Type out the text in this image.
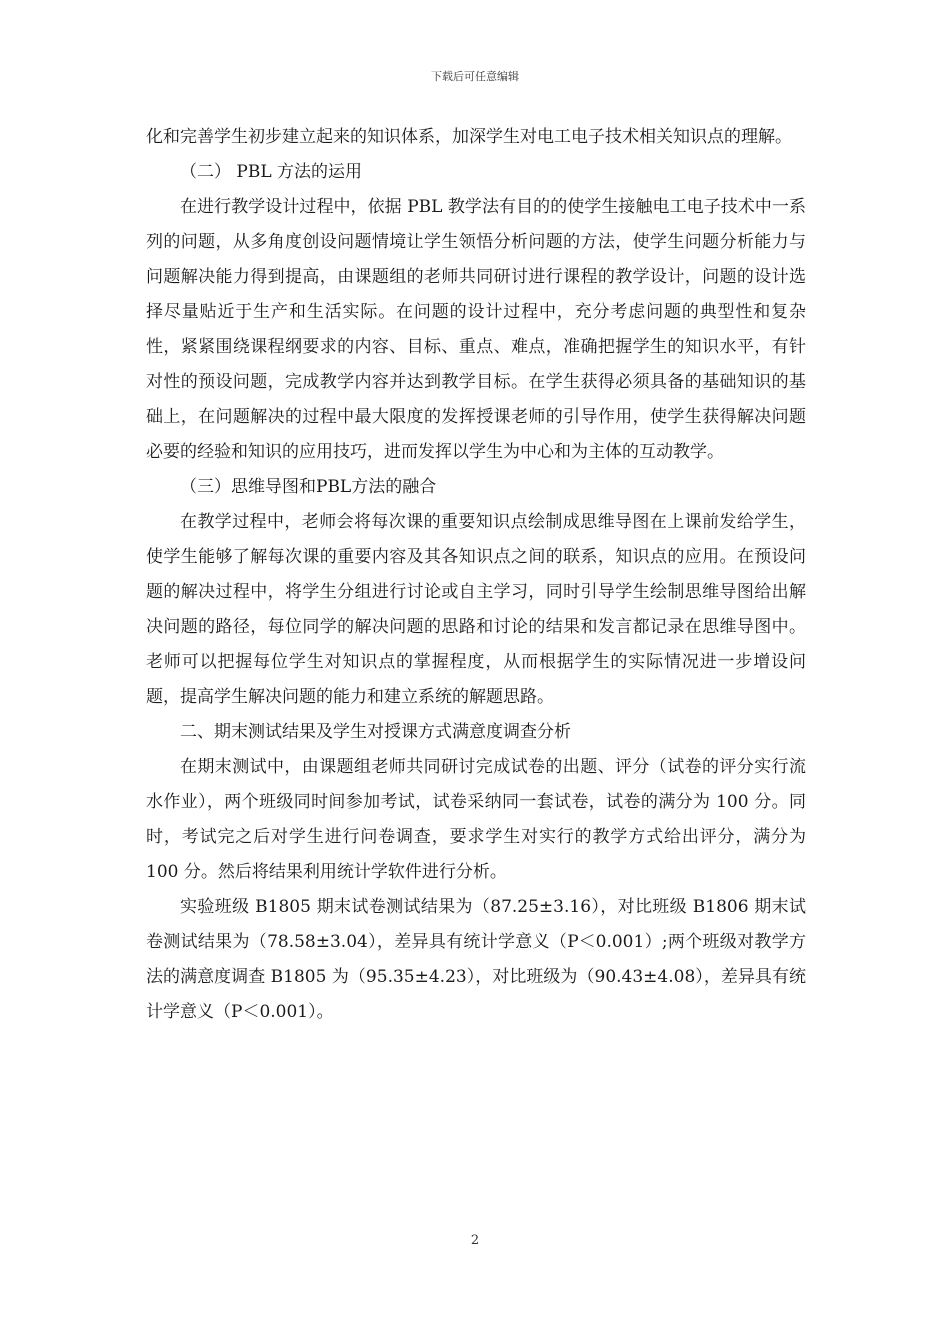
下载后可任意编辑

化和完善学生初步建立起来的知识体系，加深学生对电工电子技术相关知识点的理解。

（二） PBL 方法的运用

在进行教学设计过程中，依据 PBL 教学法有目的的使学生接触电工电子技术中一系列的问题，从多角度创设问题情境让学生领悟分析问题的方法，使学生问题分析能力与问题解决能力得到提高，由课题组的老师共同研讨进行课程的教学设计，问题的设计选择尽量贴近于生产和生活实际。在问题的设计过程中，充分考虑问题的典型性和复杂性，紧紧围绕课程纲要求的内容、目标、重点、难点，准确把握学生的知识水平，有针对性的预设问题，完成教学内容并达到教学目标。在学生获得必须具备的基础知识的基础上，在问题解决的过程中最大限度的发挥授课老师的引导作用，使学生获得解决问题必要的经验和知识的应用技巧，进而发挥以学生为中心和为主体的互动教学。

（三）思维导图和PBL方法的融合

在教学过程中，老师会将每次课的重要知识点绘制成思维导图在上课前发给学生，使学生能够了解每次课的重要内容及其各知识点之间的联系，知识点的应用。在预设问题的解决过程中，将学生分组进行讨论或自主学习，同时引导学生绘制思维导图给出解决问题的路径，每位同学的解决问题的思路和讨论的结果和发言都记录在思维导图中。老师可以把握每位学生对知识点的掌握程度，从而根据学生的实际情况进一步增设问题，提高学生解决问题的能力和建立系统的解题思路。

二、期末测试结果及学生对授课方式满意度调查分析

在期末测试中，由课题组老师共同研讨完成试卷的出题、评分（试卷的评分实行流水作业），两个班级同时间参加考试，试卷采纳同一套试卷，试卷的满分为 100 分。同时，考试完之后对学生进行问卷调查，要求学生对实行的教学方式给出评分，满分为 100 分。然后将结果利用统计学软件进行分析。

实验班级 B1805 期末试卷测试结果为（87.25±3.16），对比班级 B1806 期末试卷测试结果为（78.58±3.04），差异具有统计学意义（P＜0.001）;两个班级对教学方法的满意度调查 B1805 为（95.35±4.23），对比班级为（90.43±4.08），差异具有统计学意义（P＜0.001）。

2
